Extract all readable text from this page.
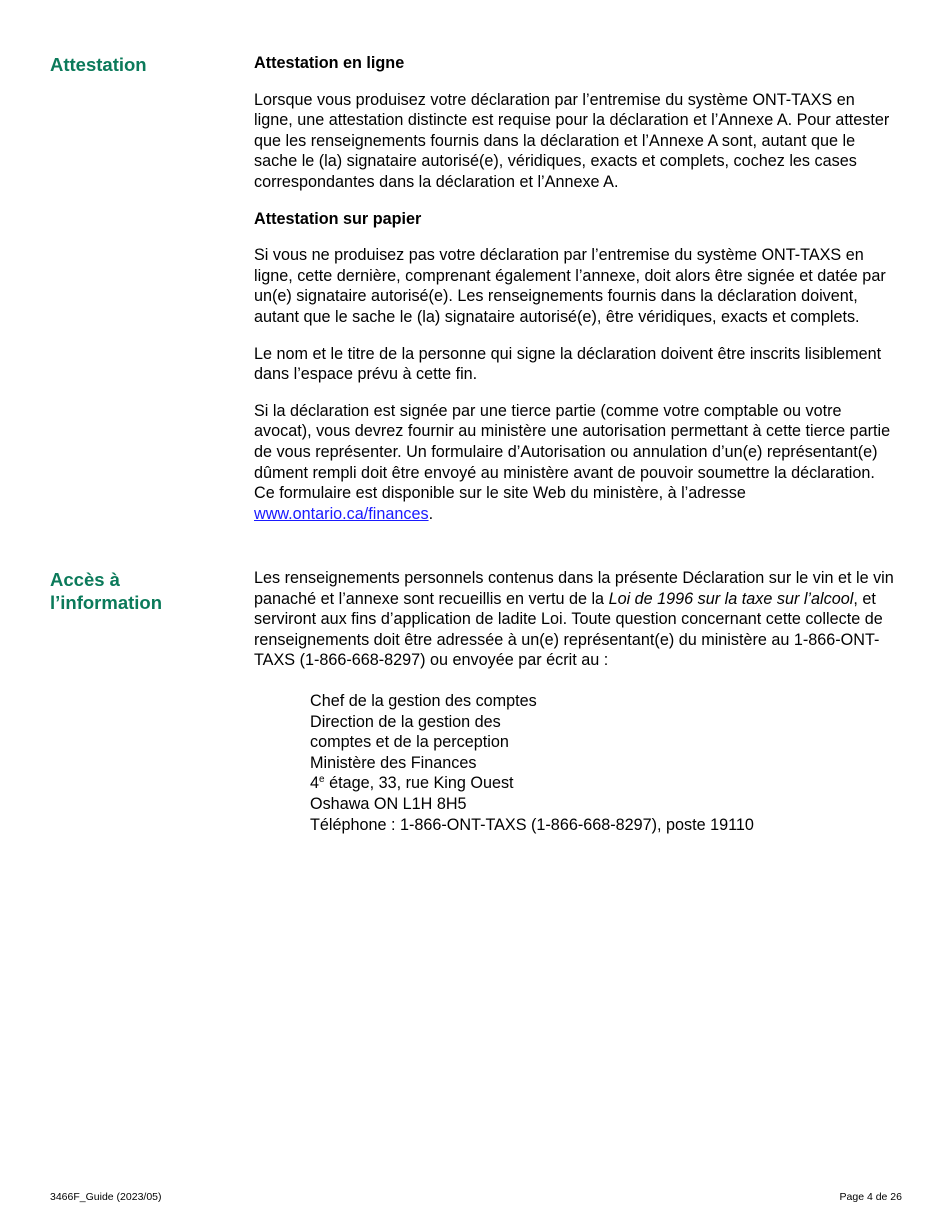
Attestation	Attestation en ligne

Lorsque vous produisez votre déclaration par l’entremise du système ONT-TAXS en ligne, une attestation distincte est requise pour la déclaration et l’Annexe A. Pour attester que les renseignements fournis dans la déclaration et l’Annexe A sont, autant que le sache le (la) signataire autorisé(e), véridiques, exacts et complets, cochez les cases correspondantes dans la déclaration et l’Annexe A.

Attestation sur papier

Si vous ne produisez pas votre déclaration par l’entremise du système ONT-TAXS en ligne, cette dernière, comprenant également l’annexe, doit alors être signée et datée par un(e) signataire autorisé(e). Les renseignements fournis dans la déclaration doivent, autant que le sache le (la) signataire autorisé(e), être véridiques, exacts et complets.

Le nom et le titre de la personne qui signe la déclaration doivent être inscrits lisiblement dans l’espace prévu à cette fin.

Si la déclaration est signée par une tierce partie (comme votre comptable ou votre avocat), vous devrez fournir au ministère une autorisation permettant à cette tierce partie de vous représenter. Un formulaire d’Autorisation ou annulation d’un(e) représentant(e) dûment rempli doit être envoyé au ministère avant de pouvoir soumettre la déclaration. Ce formulaire est disponible sur le site Web du ministère, à l’adresse www.ontario.ca/finances.

Accès à
l’information

Les renseignements personnels contenus dans la présente Déclaration sur le vin et le vin panaché et l’annexe sont recueillis en vertu de la Loi de 1996 sur la taxe sur l’alcool, et serviront aux fins d’application de ladite Loi. Toute question concernant cette collecte de renseignements doit être adressée à un(e) représentant(e) du ministère au 1-866-ONT-TAXS (1-866-668-8297) ou envoyée par écrit au :

Chef de la gestion des comptes
Direction de la gestion des
comptes et de la perception
Ministère des Finances
4e étage, 33, rue King Ouest
Oshawa ON L1H 8H5
Téléphone : 1-866-ONT-TAXS (1-866-668-8297), poste 19110
3466F_Guide (2023/05)	Page 4 de 26
